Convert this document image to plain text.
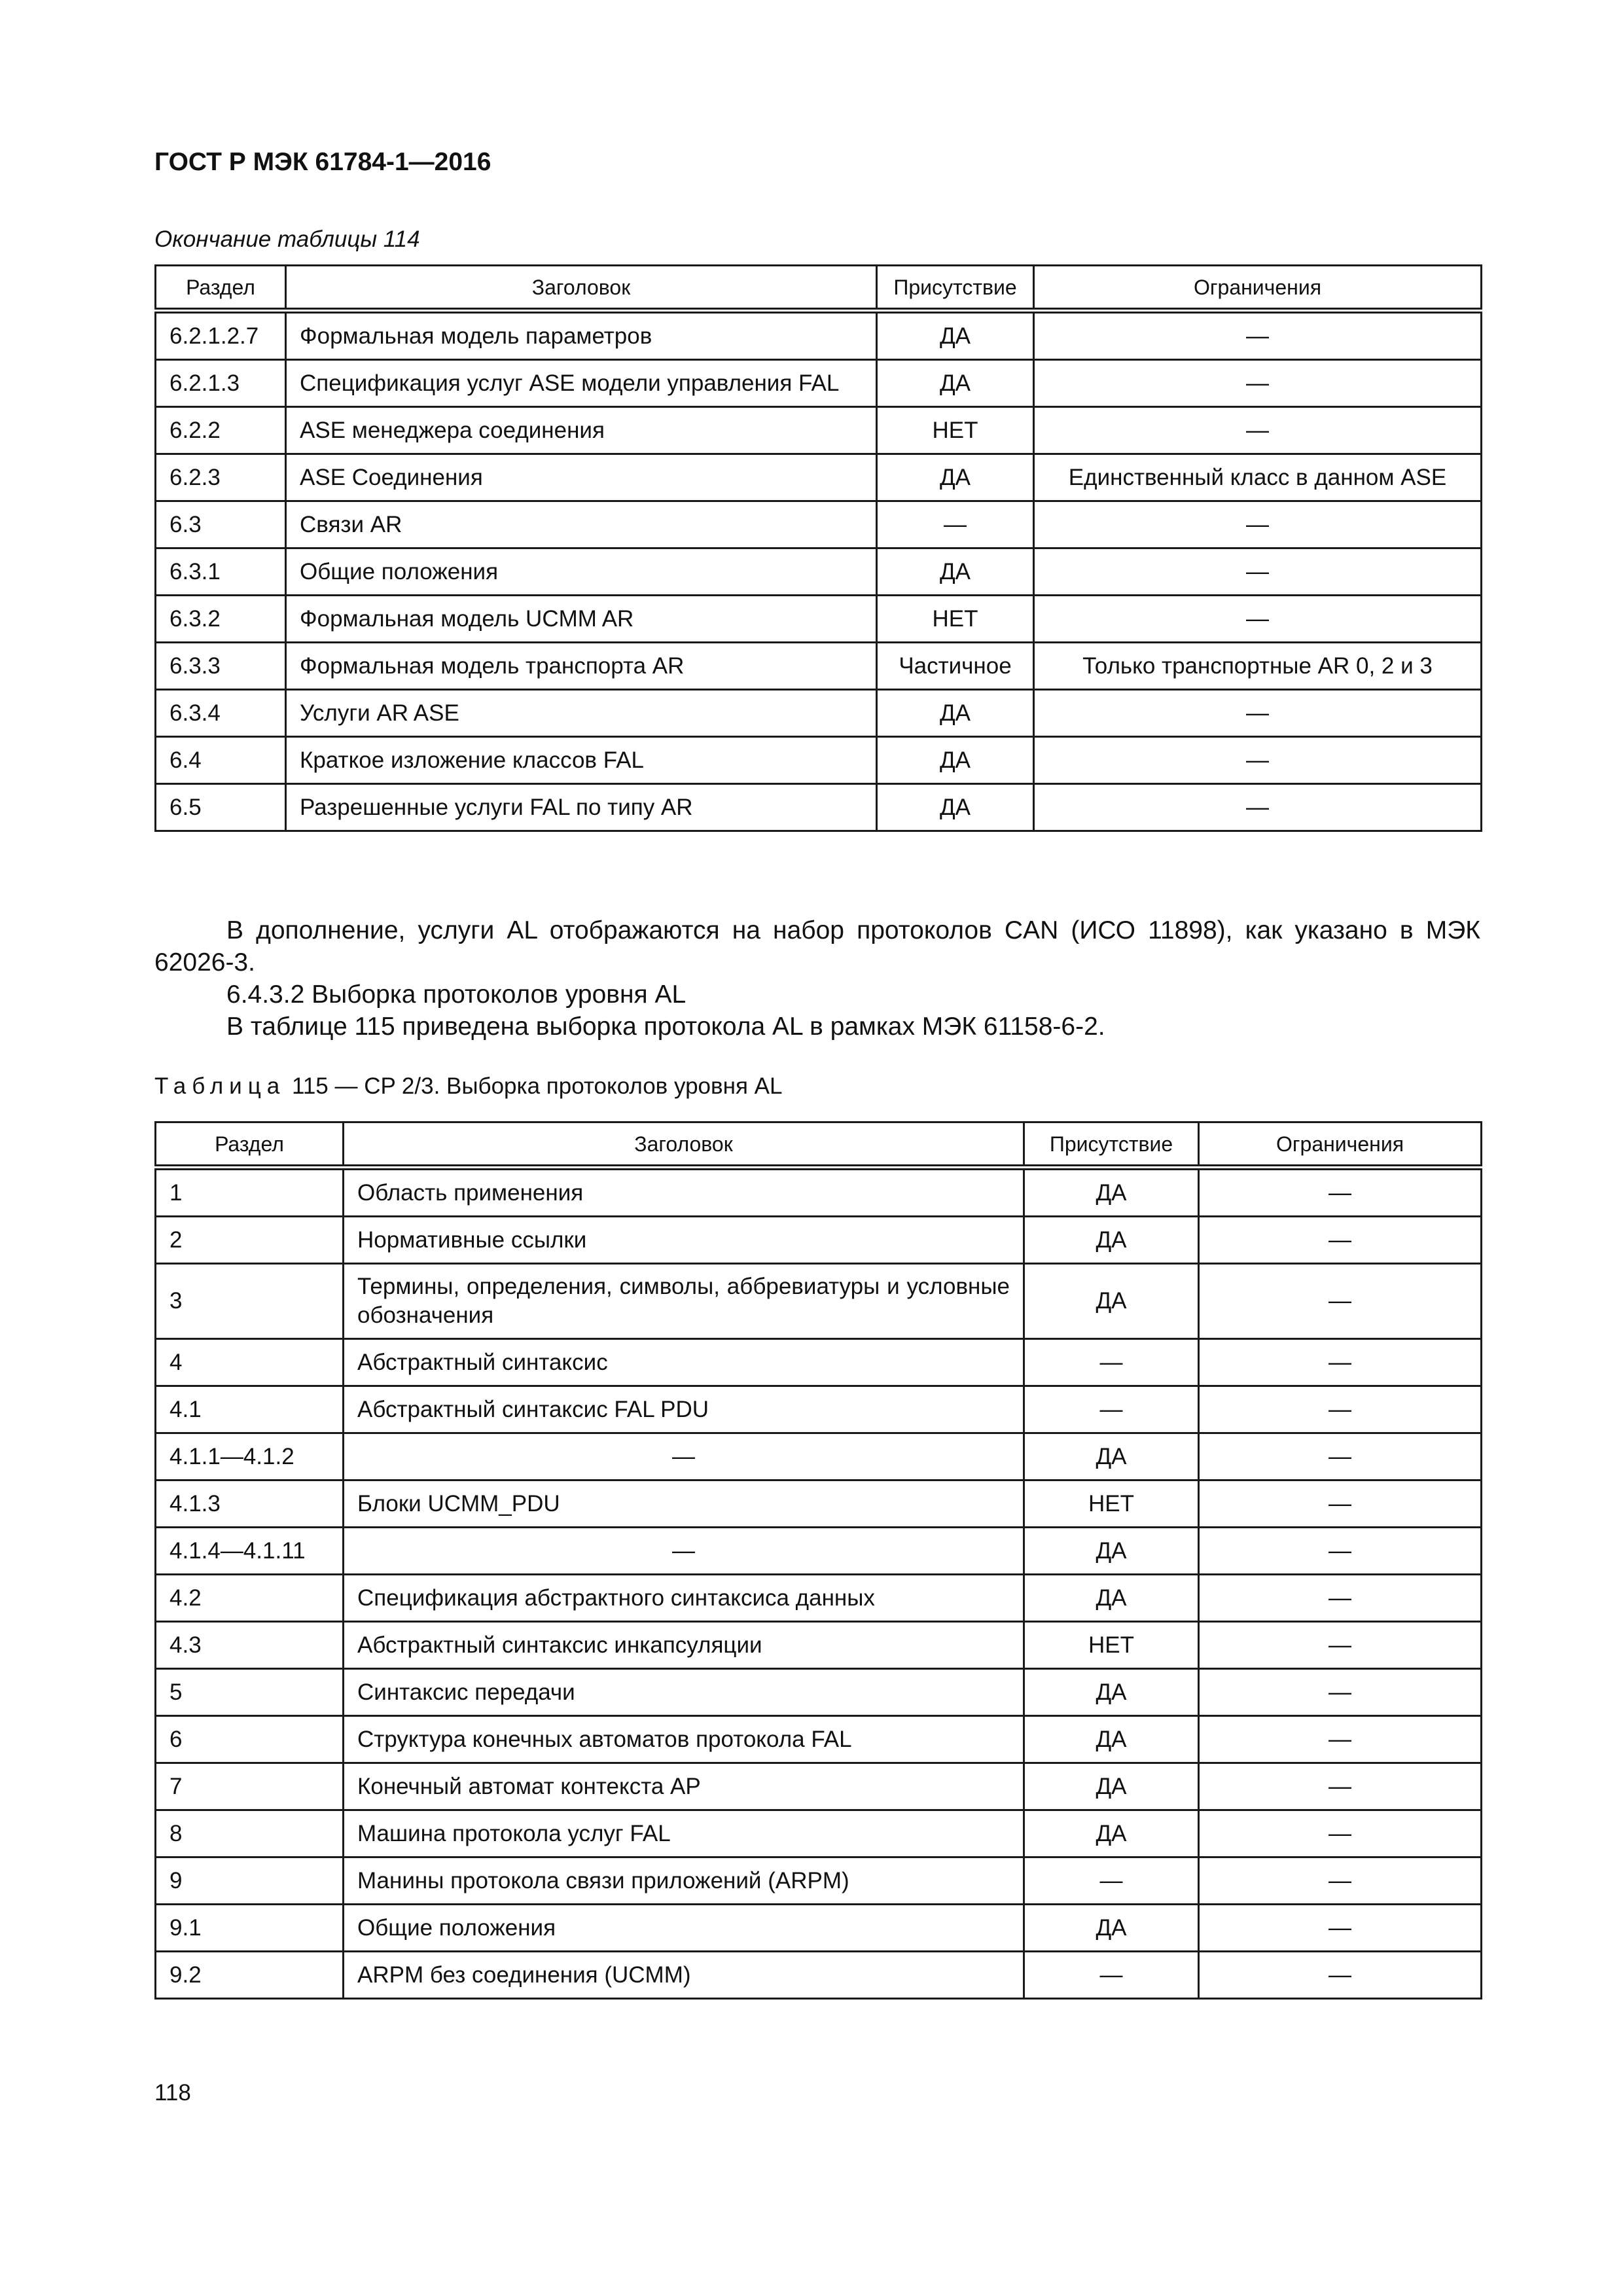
ГОСТ Р МЭК 61784-1—2016
Окончание таблицы 114
Раздел	Заголовок	Присутствие	Ограничения
6.2.1.2.7	Формальная модель параметров	ДА	—
6.2.1.3	Спецификация услуг ASE модели управления FAL	ДА	—
6.2.2	ASE менеджера соединения	НЕТ	—
6.2.3	ASE Соединения	ДА	Единственный класс в данном ASE
6.3	Связи AR	—	—
6.3.1	Общие положения	ДА	—
6.3.2	Формальная модель UCMM AR	НЕТ	—
6.3.3	Формальная модель транспорта AR	Частичное	Только транспортные AR 0, 2 и 3
6.3.4	Услуги AR ASE	ДА	—
6.4	Краткое изложение классов FAL	ДА	—
6.5	Разрешенные услуги FAL по типу AR	ДА	—

В дополнение, услуги AL отображаются на набор протоколов CAN (ИСО 11898), как указано в МЭК 62026-3.

6.4.3.2 Выборка протоколов уровня AL

В таблице 115 приведена выборка протокола AL в рамках МЭК 61158-6-2.

Таблица 115 — CP 2/3. Выборка протоколов уровня AL
Раздел	Заголовок	Присутствие	Ограничения
1	Область применения	ДА	—
2	Нормативные ссылки	ДА	—
3	Термины, определения, символы, аббревиатуры и условные обозначения	ДА	—
4	Абстрактный синтаксис	—	—
4.1	Абстрактный синтаксис FAL PDU	—	—
4.1.1—4.1.2	—	ДА	—
4.1.3	Блоки UCMM_PDU	НЕТ	—
4.1.4—4.1.11	—	ДА	—
4.2	Спецификация абстрактного синтаксиса данных	ДА	—
4.3	Абстрактный синтаксис инкапсуляции	НЕТ	—
5	Синтаксис передачи	ДА	—
6	Структура конечных автоматов протокола FAL	ДА	—
7	Конечный автомат контекста AP	ДА	—
8	Машина протокола услуг FAL	ДА	—
9	Манины протокола связи приложений (ARPM)	—	—
9.1	Общие положения	ДА	—
9.2	ARPM без соединения (UCMM)	—	—
118
